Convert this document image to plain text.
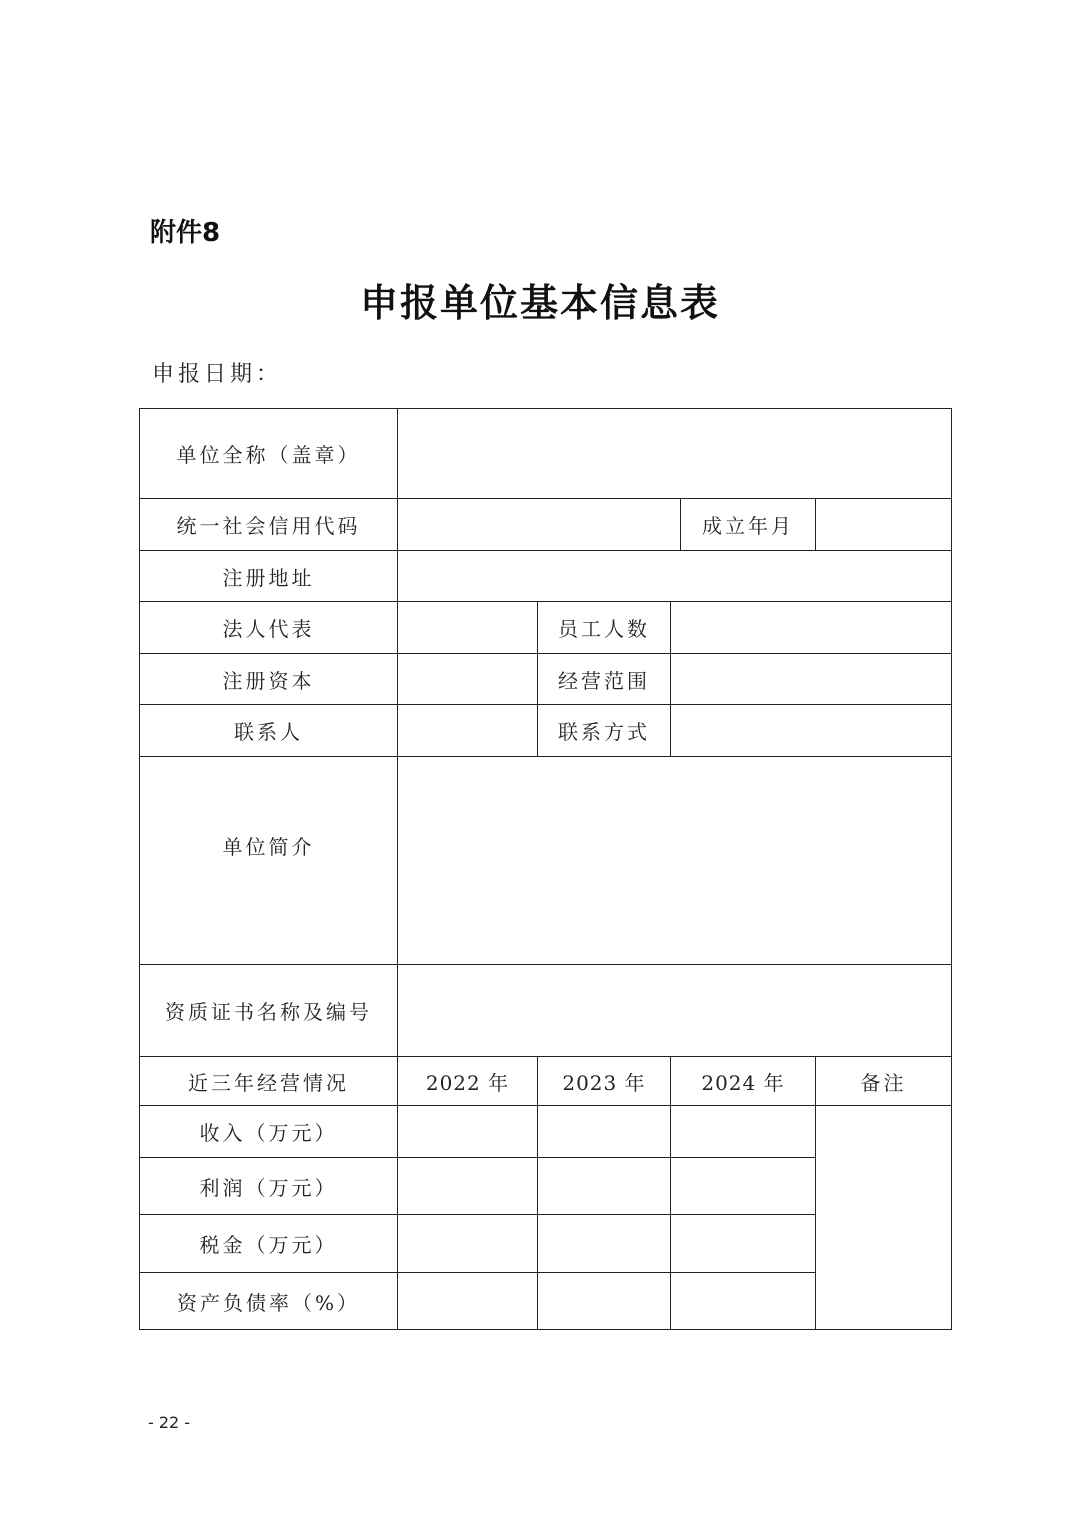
附件8
申报单位基本信息表
申报日期：
单位全称（盖章）					
统一社会信用代码				成立年月	
注册地址					
法人代表		员工人数			
注册资本		经营范围			
联系人		联系方式			
单位简介					
资质证书名称及编号					
近三年经营情况	2022 年	2023 年	2024 年		备注
收入（万元）					
利润（万元）					
税金（万元）					
资产负债率（%）					
- 22 -
